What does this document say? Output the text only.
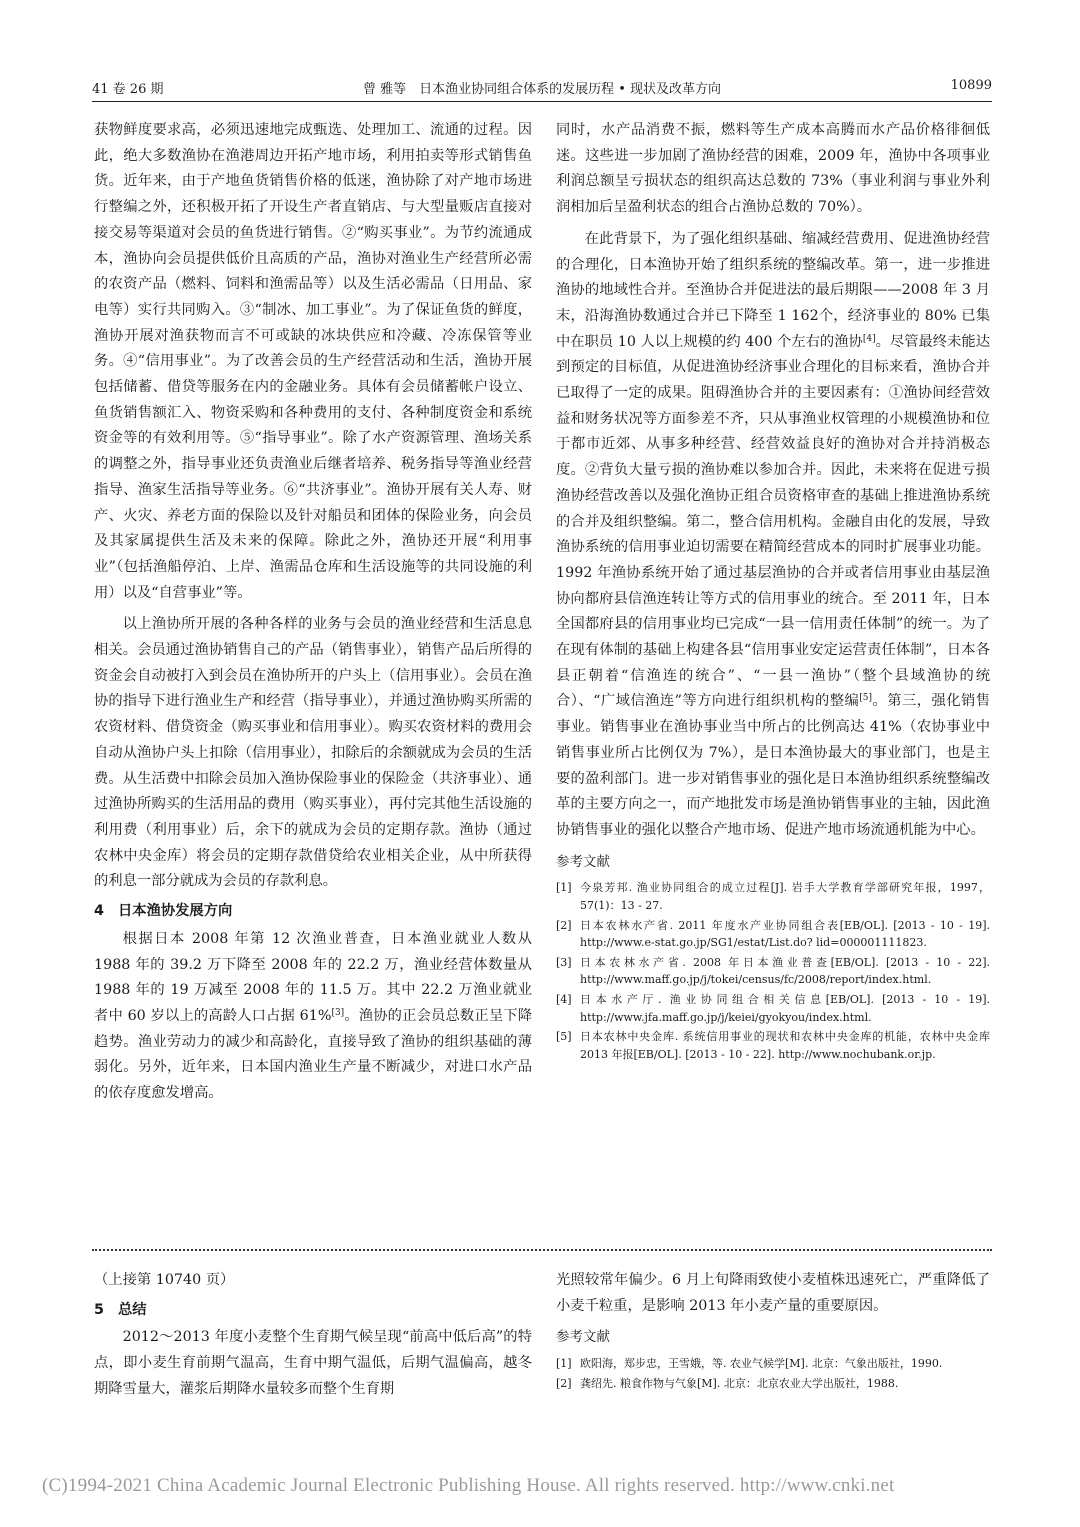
41 卷 26 期	曾 雅等　日本渔业协同组合体系的发展历程 • 现状及改革方向	10899

获物鲜度要求高，必须迅速地完成甄选、处理加工、流通的过程。因此，绝大多数渔协在渔港周边开拓产地市场，利用拍卖等形式销售鱼货。近年来，由于产地鱼货销售价格的低迷，渔协除了对产地市场进行整编之外，还积极开拓了开设生产者直销店、与大型量贩店直接对接交易等渠道对会员的鱼货进行销售。②“购买事业”。为节约流通成本，渔协向会员提供低价且高质的产品，渔协对渔业生产经营所必需的农资产品（燃料、饲料和渔需品等）以及生活必需品（日用品、家电等）实行共同购入。③“制冰、加工事业”。为了保证鱼货的鲜度，渔协开展对渔获物而言不可或缺的冰块供应和冷藏、冷冻保管等业务。④“信用事业”。为了改善会员的生产经营活动和生活，渔协开展包括储蓄、借贷等服务在内的金融业务。具体有会员储蓄帐户设立、鱼货销售额汇入、物资采购和各种费用的支付、各种制度资金和系统资金等的有效利用等。⑤“指导事业”。除了水产资源管理、渔场关系的调整之外，指导事业还负责渔业后继者培养、税务指导等渔业经营指导、渔家生活指导等业务。⑥“共济事业”。渔协开展有关人寿、财产、火灾、养老方面的保险以及针对船员和团体的保险业务，向会员及其家属提供生活及未来的保障。除此之外，渔协还开展“利用事业”（包括渔船停泊、上岸、渔需品仓库和生活设施等的共同设施的利用）以及“自营事业”等。

以上渔协所开展的各种各样的业务与会员的渔业经营和生活息息相关。会员通过渔协销售自己的产品（销售事业），销售产品后所得的资金会自动被打入到会员在渔协所开的户头上（信用事业）。会员在渔协的指导下进行渔业生产和经营（指导事业），并通过渔协购买所需的农资材料、借贷资金（购买事业和信用事业）。购买农资材料的费用会自动从渔协户头上扣除（信用事业），扣除后的余额就成为会员的生活费。从生活费中扣除会员加入渔协保险事业的保险金（共济事业）、通过渔协所购买的生活用品的费用（购买事业），再付完其他生活设施的利用费（利用事业）后，余下的就成为会员的定期存款。渔协（通过农林中央金库）将会员的定期存款借贷给农业相关企业，从中所获得的利息一部分就成为会员的存款利息。

4 日本渔协发展方向

根据日本 2008 年第 12 次渔业普查，日本渔业就业人数从 1988 年的 39.2 万下降至 2008 年的 22.2 万，渔业经营体数量从 1988 年的 19 万减至 2008 年的 11.5 万。其中 22.2 万渔业就业者中 60 岁以上的高龄人口占据 61%[3]。渔协的正会员总数正呈下降趋势。渔业劳动力的减少和高龄化，直接导致了渔协的组织基础的薄弱化。另外，近年来，日本国内渔业生产量不断减少，对进口水产品的依存度愈发增高。

同时，水产品消费不振，燃料等生产成本高腾而水产品价格徘徊低迷。这些进一步加剧了渔协经营的困难，2009 年，渔协中各项事业利润总额呈亏损状态的组织高达总数的 73%（事业利润与事业外利润相加后呈盈利状态的组合占渔协总数的 70%）。

在此背景下，为了强化组织基础、缩减经营费用、促进渔协经营的合理化，日本渔协开始了组织系统的整编改革。第一，进一步推进渔协的地域性合并。至渔协合并促进法的最后期限——2008 年 3 月末，沿海渔协数通过合并已下降至 1 162个，经济事业的 80% 已集中在职员 10 人以上规模的约 400 个左右的渔协[4]。尽管最终未能达到预定的目标值，从促进渔协经济事业合理化的目标来看，渔协合并已取得了一定的成果。阻碍渔协合并的主要因素有：①渔协间经营效益和财务状况等方面参差不齐，只从事渔业权管理的小规模渔协和位于都市近郊、从事多种经营、经营效益良好的渔协对合并持消极态度。②背负大量亏损的渔协难以参加合并。因此，未来将在促进亏损渔协经营改善以及强化渔协正组合员资格审查的基础上推进渔协系统的合并及组织整编。第二，整合信用机构。金融自由化的发展，导致渔协系统的信用事业迫切需要在精简经营成本的同时扩展事业功能。1992 年渔协系统开始了通过基层渔协的合并或者信用事业由基层渔协向都府县信渔连转让等方式的信用事业的统合。至 2011 年，日本全国都府县的信用事业均已完成“一县一信用责任体制”的统一。为了在现有体制的基础上构建各县“信用事业安定运营责任体制”，日本各县正朝着“信渔连的统合”、“一县一渔协”（整个县域渔协的统合）、“广域信渔连”等方向进行组织机构的整编[5]。第三，强化销售事业。销售事业在渔协事业当中所占的比例高达 41%（农协事业中销售事业所占比例仅为 7%），是日本渔协最大的事业部门，也是主要的盈利部门。进一步对销售事业的强化是日本渔协组织系统整编改革的主要方向之一，而产地批发市场是渔协销售事业的主轴，因此渔协销售事业的强化以整合产地市场、促进产地市场流通机能为中心。

参考文献
[1] 今泉芳邦. 渔业协同组合的成立过程[J]. 岩手大学教育学部研究年报，1997，57(1)：13 - 27.
[2] 日本农林水产省. 2011 年度水产业协同组合表[EB/OL]. [2013 - 10 - 19]. http://www.e-stat.go.jp/SG1/estat/List.do? lid=000001111823.
[3] 日本农林水产省. 2008 年日本渔业普查[EB/OL]. [2013 - 10 - 22]. http://www.maff.go.jp/j/tokei/census/fc/2008/report/index.html.
[4] 日本水产厅. 渔业协同组合相关信息[EB/OL]. [2013 - 10 - 19]. http://www.jfa.maff.go.jp/j/keiei/gyokyou/index.html.
[5] 日本农林中央金库. 系统信用事业的现状和农林中央金库的机能，农林中央金库 2013 年报[EB/OL]. [2013 - 10 - 22]. http://www.nochubank.or.jp.

（上接第 10740 页）

5 总结

2012～2013 年度小麦整个生育期气候呈现“前高中低后高”的特点，即小麦生育前期气温高，生育中期气温低，后期气温偏高，越冬期降雪量大，灌浆后期降水量较多而整个生育期

光照较常年偏少。6 月上旬降雨致使小麦植株迅速死亡，严重降低了小麦千粒重，是影响 2013 年小麦产量的重要原因。

参考文献
[1] 欧阳海，郑步忠，王雪娥，等. 农业气候学[M]. 北京：气象出版社，1990.
[2] 龚绍先. 粮食作物与气象[M]. 北京：北京农业大学出版社，1988.
(C)1994-2021 China Academic Journal Electronic Publishing House. All rights reserved. http://www.cnki.net
